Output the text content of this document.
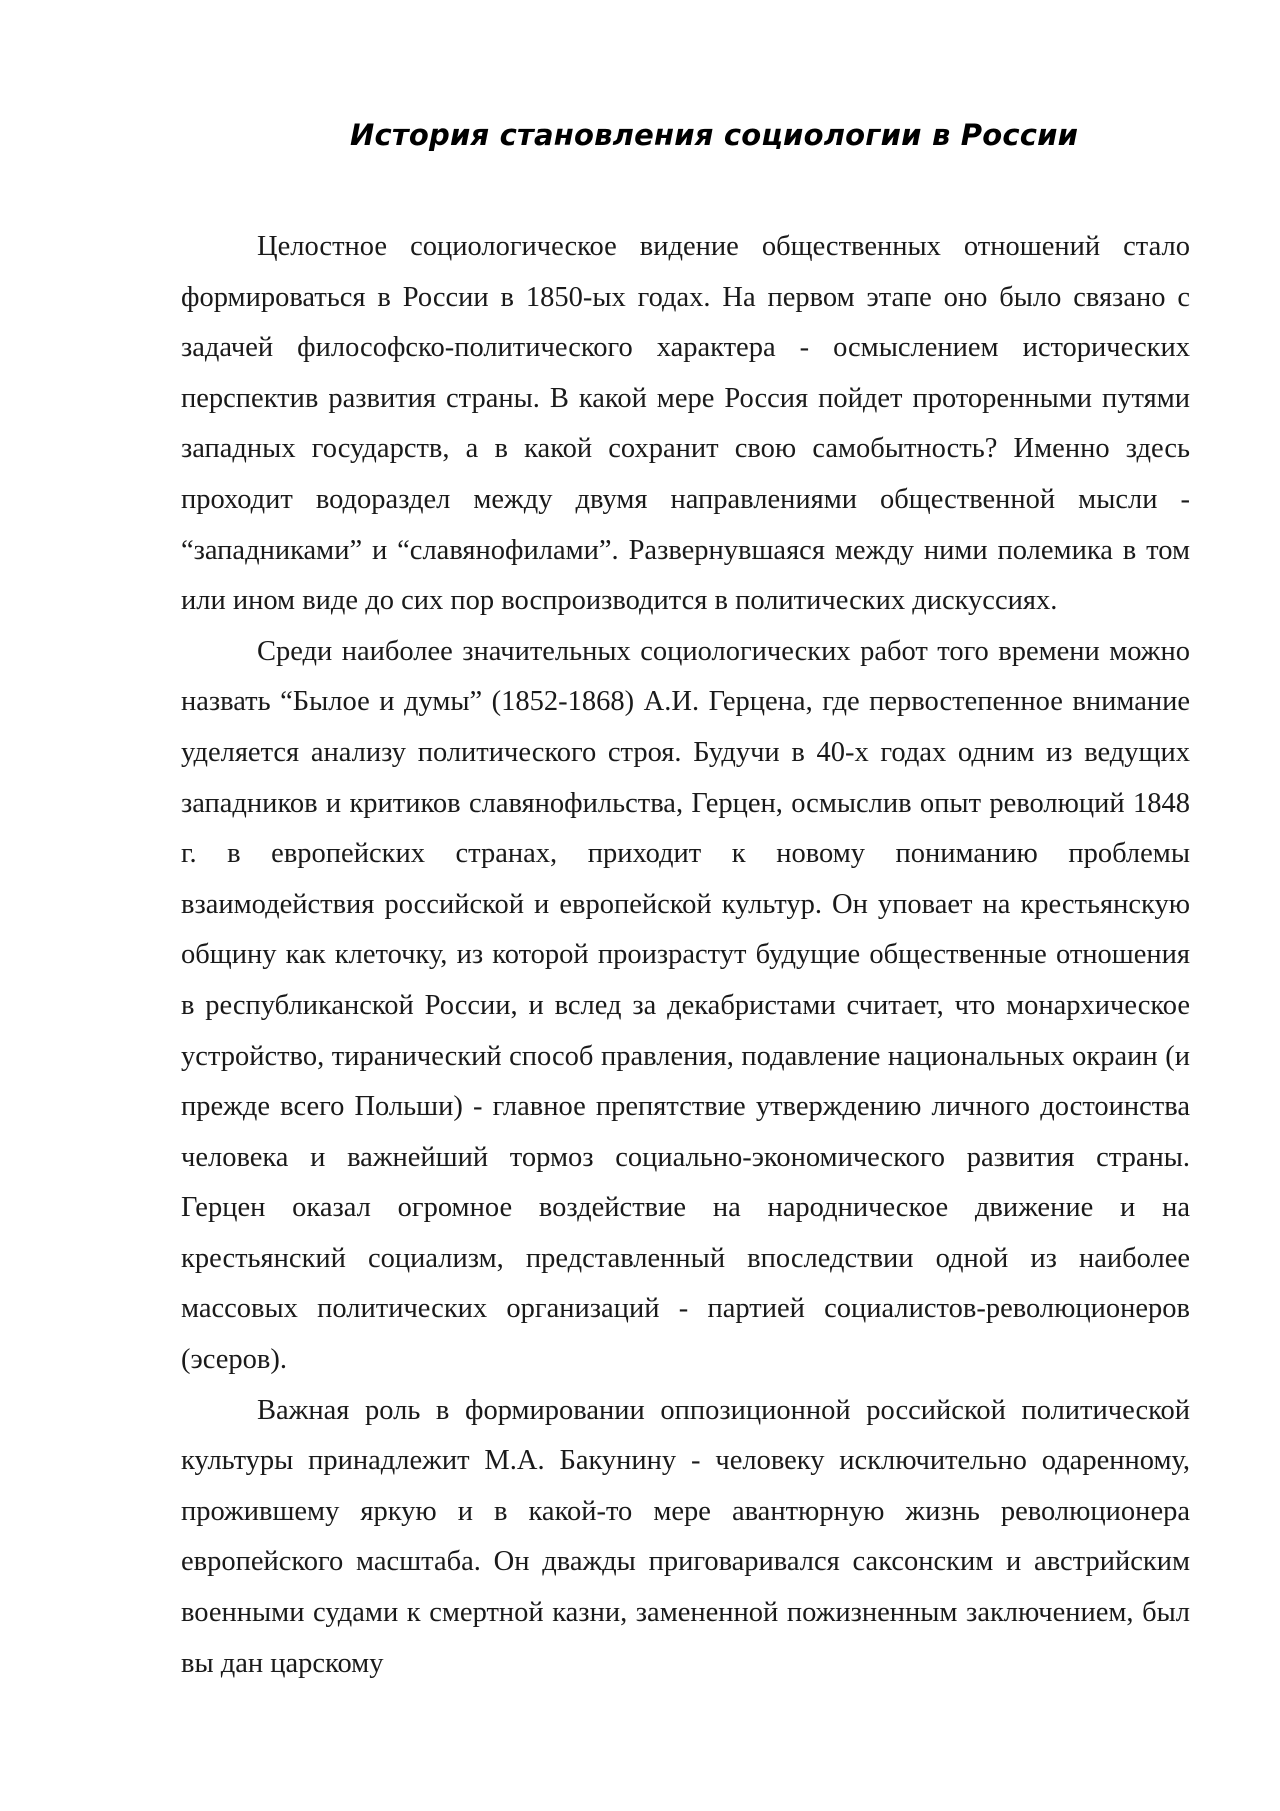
История становления социологии в России

Целостное социологическое видение общественных отношений стало формироваться в России в 1850-ых годах. На первом этапе оно было связано с задачей философско-политического характера - осмыслением исторических перспектив развития страны. В какой мере Россия пойдет проторенными путями западных государств, а в какой сохранит свою самобытность? Именно здесь проходит водораздел между двумя направлениями общественной мысли - “западниками” и “славянофилами”. Развернувшаяся между ними полемика в том или ином виде до сих пор воспроизводится в политических дискуссиях.

Среди наиболее значительных социологических работ того времени можно назвать “Былое и думы” (1852-1868) А.И. Герцена, где первостепенное внимание уделяется анализу политического строя. Будучи в 40-х годах одним из ведущих западников и критиков славянофильства, Герцен, осмыслив опыт революций 1848 г. в европейских странах, приходит к новому пониманию проблемы взаимодействия российской и европейской культур. Он уповает на крестьянскую общину как клеточку, из которой произрастут будущие общественные отношения в республиканской России, и вслед за декабристами считает, что монархическое устройство, тиранический способ правления, подавление национальных окраин (и прежде всего Польши) - главное препятствие утверждению личного достоинства человека и важнейший тормоз социально-экономического развития страны. Герцен оказал огромное воздействие на народническое движение и на крестьянский социализм, представленный впоследствии одной из наиболее массовых политических организаций - партией социалистов-революционеров (эсеров).

Важная роль в формировании оппозиционной российской политической культуры принадлежит М.А. Бакунину - человеку исключительно одаренному, прожившему яркую и в какой-то мере авантюрную жизнь революционера европейского масштаба. Он дважды приговаривался саксонским и австрийским военными судами к смертной казни, замененной пожизненным заключением, был вы дан царскому
